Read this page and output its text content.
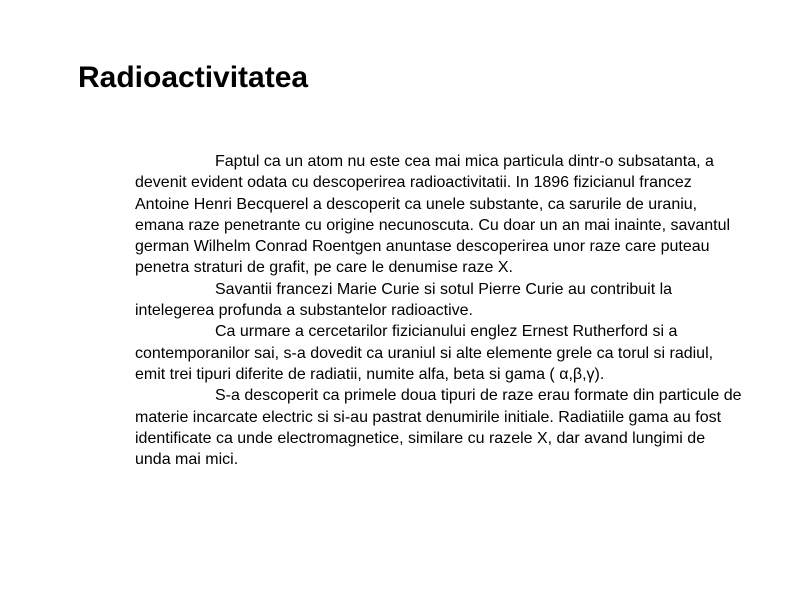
Radioactivitatea
Faptul ca un atom nu este cea mai mica particula dintr-o subsatanta, a
devenit evident odata cu descoperirea radioactivitatii. In 1896 fizicianul francez
Antoine Henri Becquerel a descoperit ca unele substante, ca sarurile de uraniu,
emana raze penetrante cu origine necunoscuta. Cu doar un an mai inainte, savantul
german Wilhelm Conrad Roentgen anuntase descoperirea unor raze care puteau
penetra straturi de grafit, pe care le denumise raze X.
Savantii francezi Marie Curie si sotul Pierre Curie au contribuit la
intelegerea profunda a substantelor radioactive.
Ca urmare a cercetarilor fizicianului englez Ernest Rutherford si a
contemporanilor sai, s-a dovedit ca uraniul si alte elemente grele ca torul si radiul,
emit trei tipuri diferite de radiatii, numite alfa, beta si gama ( α,β,γ).
S-a descoperit ca primele doua tipuri de raze erau formate din particule de
materie incarcate electric si si-au pastrat denumirile initiale. Radiatiile gama au fost
identificate ca unde electromagnetice, similare cu razele X, dar avand lungimi de
unda mai mici.
